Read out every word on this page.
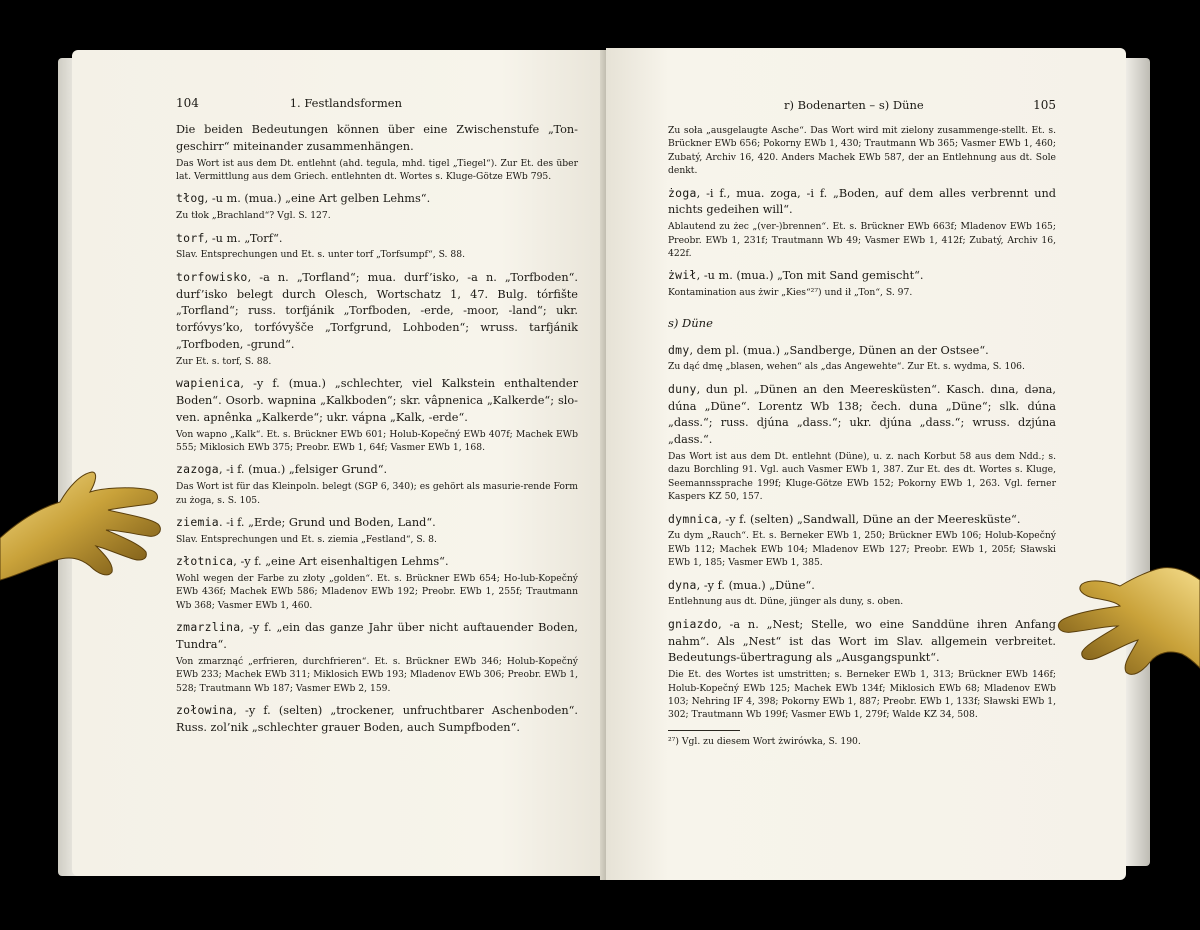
104	1. Festlandsformen
Die beiden Bedeutungen können über eine Zwischenstufe „Ton-geschirr“ miteinander zusammenhängen.
Das Wort ist aus dem Dt. entlehnt (ahd. tegula, mhd. tigel „Tiegel“). Zur Et. des über lat. Vermittlung aus dem Griech. entlehnten dt. Wortes s. Kluge-Götze EWb 795.
tłog, -u m. (mua.) „eine Art gelben Lehms“.
Zu tłok „Brachland“? Vgl. S. 127.
torf, -u m. „Torf“.
Slav. Entsprechungen und Et. s. unter torf „Torfsumpf“, S. 88.
torfowisko, -a n. „Torfland“; mua. durf’isko, -a n. „Torfboden“. durf’isko belegt durch Olesch, Wortschatz 1, 47. Bulg. tórfište „Torfland“; russ. torfjánik „Torfboden, -erde, -moor, -land“; ukr. torfóvys’ko, torfóvyšče „Torfgrund, Lohboden“; wruss. tarfjánik „Torfboden, -grund“.
Zur Et. s. torf, S. 88.
wapienica, -y f. (mua.) „schlechter, viel Kalkstein enthaltender Boden“. Osorb. wapnina „Kalkboden“; skr. vâpnenica „Kalkerde“; slo-ven. apnênka „Kalkerde“; ukr. vápna „Kalk, -erde“.
Von wapno „Kalk“. Et. s. Brückner EWb 601; Holub-Kopečný EWb 407f; Machek EWb 555; Miklosich EWb 375; Preobr. EWb 1, 64f; Vasmer EWb 1, 168.
zazoga, -i f. (mua.) „felsiger Grund“.
Das Wort ist für das Kleinpoln. belegt (SGP 6, 340); es gehört als masurie-rende Form zu żoga, s. S. 105.
ziemia. -i f. „Erde; Grund und Boden, Land“.
Slav. Entsprechungen und Et. s. ziemia „Festland“, S. 8.
złotnica, -y f. „eine Art eisenhaltigen Lehms“.
Wohl wegen der Farbe zu złoty „golden“. Et. s. Brückner EWb 654; Ho-lub-Kopečný EWb 436f; Machek EWb 586; Mladenov EWb 192; Preobr. EWb 1, 255f; Trautmann Wb 368; Vasmer EWb 1, 460.
zmarzlina, -y f. „ein das ganze Jahr über nicht auftauender Boden, Tundra“.
Von zmarznąć „erfrieren, durchfrieren“. Et. s. Brückner EWb 346; Holub-Kopečný EWb 233; Machek EWb 311; Miklosich EWb 193; Mladenov EWb 306; Preobr. EWb 1, 528; Trautmann Wb 187; Vasmer EWb 2, 159.
zołowina, -y f. (selten) „trockener, unfruchtbarer Aschenboden“. Russ. zol’nik „schlechter grauer Boden, auch Sumpfboden“.
r) Bodenarten – s) Düne	105
Zu soła „ausgelaugte Asche“. Das Wort wird mit zielony zusammenge-stellt. Et. s. Brückner EWb 656; Pokorny EWb 1, 430; Trautmann Wb 365; Vasmer EWb 1, 460; Zubatý, Archiv 16, 420. Anders Machek EWb 587, der an Entlehnung aus dt. Sole denkt.
żoga, -i f., mua. zoga, -i f. „Boden, auf dem alles verbrennt und nichts gedeihen will“.
Ablautend zu żec „(ver-)brennen“. Et. s. Brückner EWb 663f; Mladenov EWb 165; Preobr. EWb 1, 231f; Trautmann Wb 49; Vasmer EWb 1, 412f; Zubatý, Archiv 16, 422f.
żwił, -u m. (mua.) „Ton mit Sand gemischt“.
Kontamination aus żwir „Kies“²⁷) und ił „Ton“, S. 97.
s) Düne
dmy, dem pl. (mua.) „Sandberge, Dünen an der Ostsee“.
Zu dąć dmę „blasen, wehen“ als „das Angewehte“. Zur Et. s. wydma, S. 106.
duny, dun pl. „Dünen an den Meeresküsten“. Kasch. dına, dəna, dúna „Düne“. Lorentz Wb 138; čech. duna „Düne“; slk. dúna „dass.“; russ. djúna „dass.“; ukr. djúna „dass.“; wruss. dzjúna „dass.“.
Das Wort ist aus dem Dt. entlehnt (Düne), u. z. nach Korbut 58 aus dem Ndd.; s. dazu Borchling 91. Vgl. auch Vasmer EWb 1, 387. Zur Et. des dt. Wortes s. Kluge, Seemannssprache 199f; Kluge-Götze EWb 152; Pokorny EWb 1, 263. Vgl. ferner Kaspers KZ 50, 157.
dymnica, -y f. (selten) „Sandwall, Düne an der Meeresküste“.
Zu dym „Rauch“. Et. s. Berneker EWb 1, 250; Brückner EWb 106; Holub-Kopečný EWb 112; Machek EWb 104; Mladenov EWb 127; Preobr. EWb 1, 205f; Sławski EWb 1, 185; Vasmer EWb 1, 385.
dyna, -y f. (mua.) „Düne“.
Entlehnung aus dt. Düne, jünger als duny, s. oben.
gniazdo, -a n. „Nest; Stelle, wo eine Sanddüne ihren Anfang nahm“. Als „Nest“ ist das Wort im Slav. allgemein verbreitet. Bedeutungs-übertragung als „Ausgangspunkt“.
Die Et. des Wortes ist umstritten; s. Berneker EWb 1, 313; Brückner EWb 146f; Holub-Kopečný EWb 125; Machek EWb 134f; Miklosich EWb 68; Mladenov EWb 103; Nehring IF 4, 398; Pokorny EWb 1, 887; Preobr. EWb 1, 133f; Sławski EWb 1, 302; Trautmann Wb 199f; Vasmer EWb 1, 279f; Walde KZ 34, 508.
²⁷) Vgl. zu diesem Wort żwirówka, S. 190.
